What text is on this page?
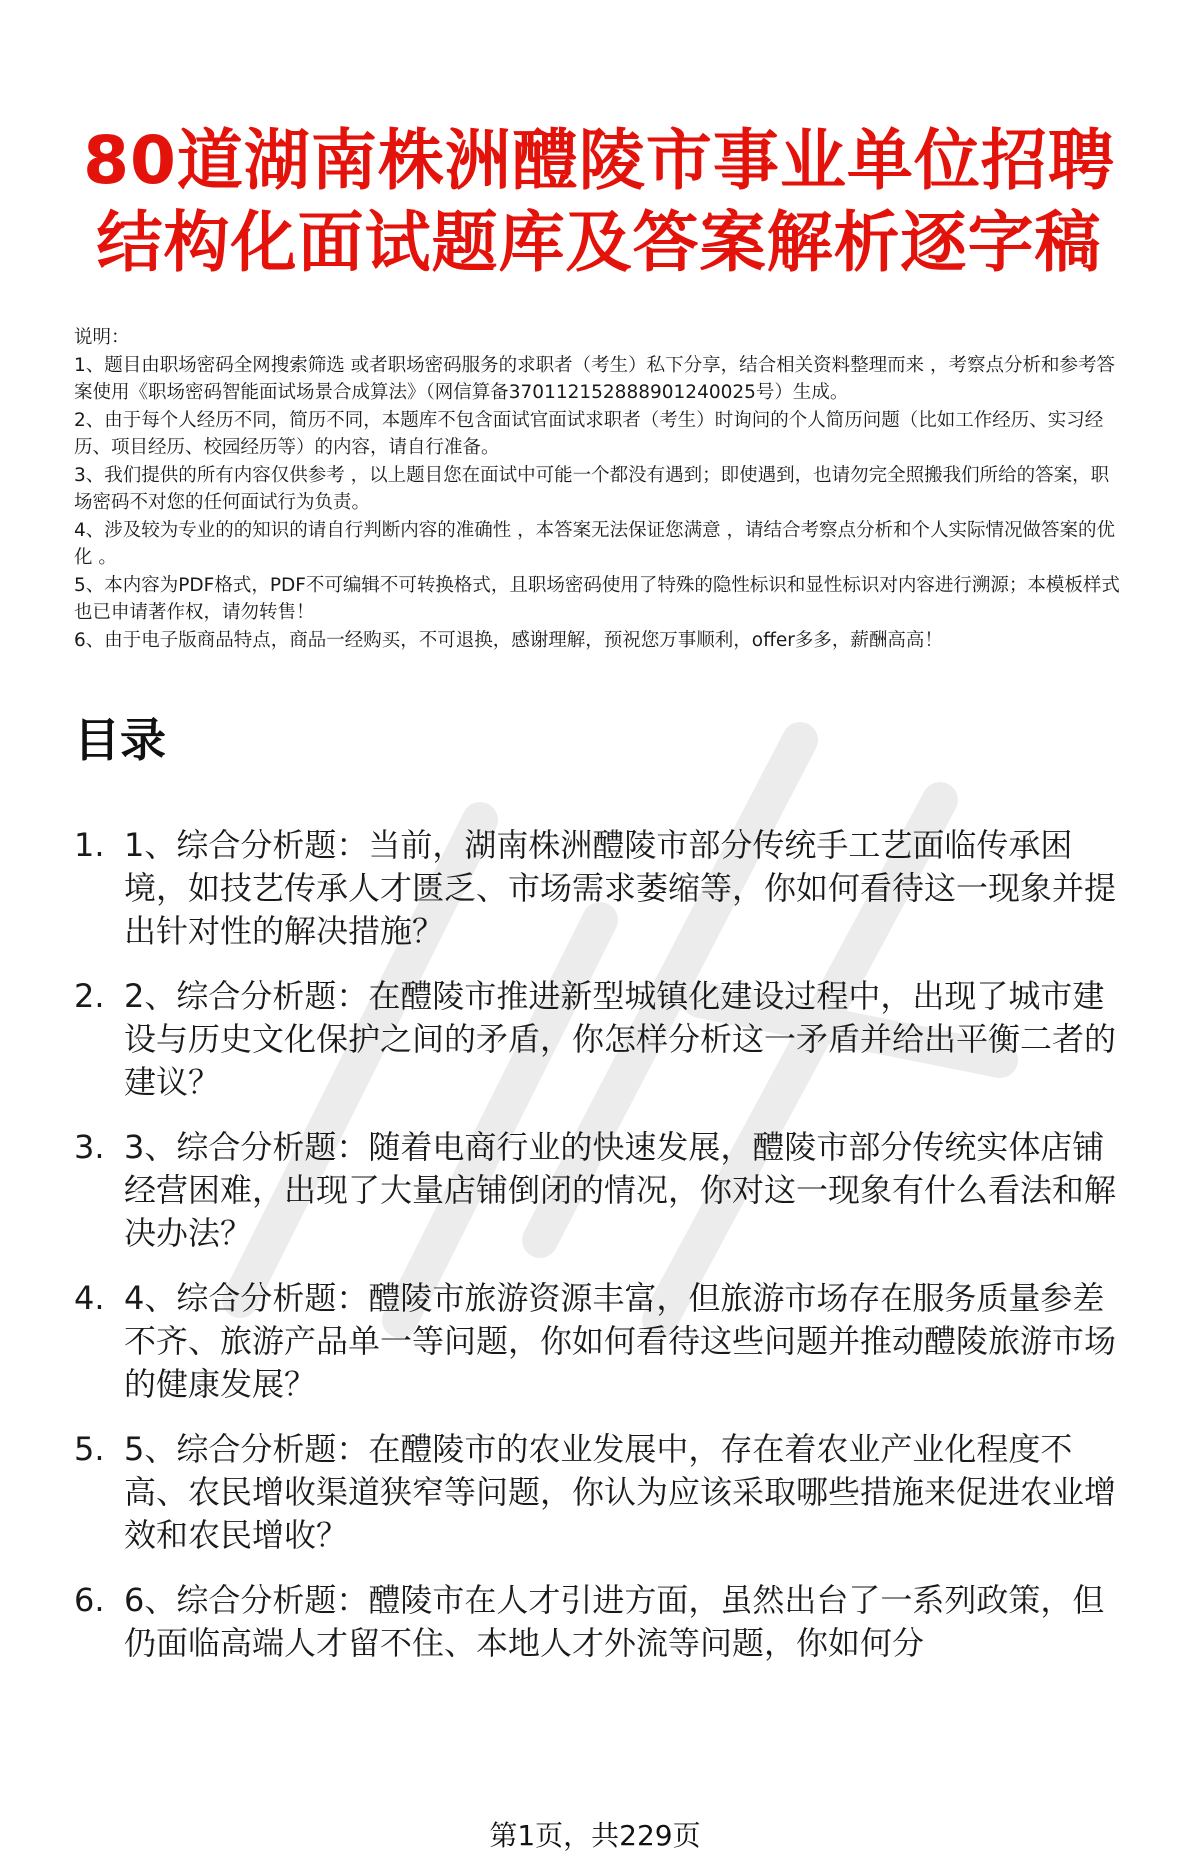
80道湖南株洲醴陵市事业单位招聘
结构化面试题库及答案解析逐字稿

说明：

1、题目由职场密码全网搜索筛选 或者职场密码服务的求职者（考生）私下分享，结合相关资料整理而来 ，考察点分析和参考答案使用《职场密码智能面试场景合成算法》（网信算备370112152888901240025号）生成。

2、由于每个人经历不同，简历不同，本题库不包含面试官面试求职者（考生）时询问的个人简历问题（比如工作经历、实习经历、项目经历、校园经历等）的内容，请自行准备。

3、我们提供的所有内容仅供参考 ，以上题目您在面试中可能一个都没有遇到；即使遇到，也请勿完全照搬我们所给的答案，职场密码不对您的任何面试行为负责。

4、涉及较为专业的的知识的请自行判断内容的准确性 ，本答案无法保证您满意 ，请结合考察点分析和个人实际情况做答案的优化 。

5、本内容为PDF格式，PDF不可编辑不可转换格式，且职场密码使用了特殊的隐性标识和显性标识对内容进行溯源；本模板样式也已申请著作权，请勿转售！

6、由于电子版商品特点，商品一经购买，不可退换，感谢理解，预祝您万事顺利，offer多多，薪酬高高！

目录
1. 1、综合分析题：当前，湖南株洲醴陵市部分传统手工艺面临传承困境，如技艺传承人才匮乏、市场需求萎缩等，你如何看待这一现象并提出针对性的解决措施？
2. 2、综合分析题：在醴陵市推进新型城镇化建设过程中，出现了城市建设与历史文化保护之间的矛盾，你怎样分析这一矛盾并给出平衡二者的建议？
3. 3、综合分析题：随着电商行业的快速发展，醴陵市部分传统实体店铺经营困难，出现了大量店铺倒闭的情况，你对这一现象有什么看法和解决办法？
4. 4、综合分析题：醴陵市旅游资源丰富，但旅游市场存在服务质量参差不齐、旅游产品单一等问题，你如何看待这些问题并推动醴陵旅游市场的健康发展？
5. 5、综合分析题：在醴陵市的农业发展中，存在着农业产业化程度不高、农民增收渠道狭窄等问题，你认为应该采取哪些措施来促进农业增效和农民增收？
6. 6、综合分析题：醴陵市在人才引进方面，虽然出台了一系列政策，但仍面临高端人才留不住、本地人才外流等问题，你如何分
第1页，共229页
